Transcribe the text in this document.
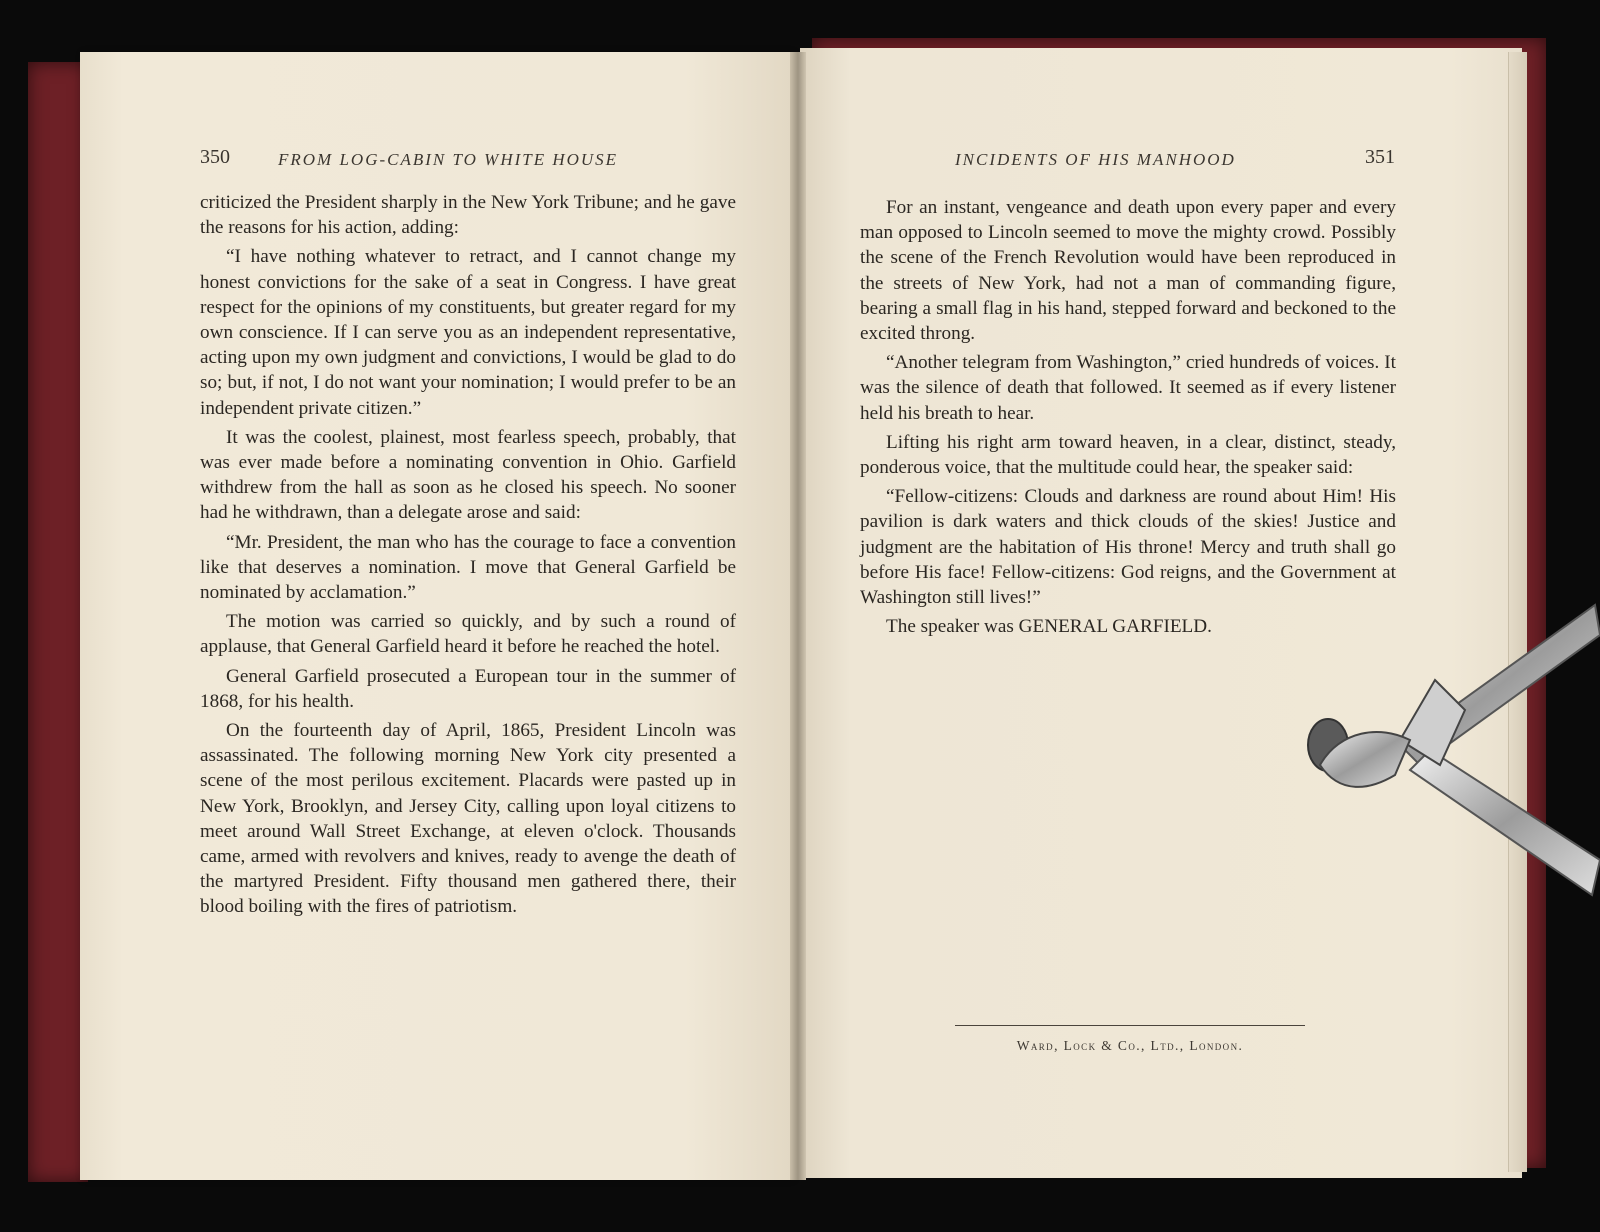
350	FROM LOG-CABIN TO WHITE HOUSE

criticized the President sharply in the New York Tribune; and he gave the reasons for his action, adding:

“I have nothing whatever to retract, and I cannot change my honest convictions for the sake of a seat in Congress. I have great respect for the opinions of my constituents, but greater regard for my own conscience. If I can serve you as an independent representative, acting upon my own judgment and convictions, I would be glad to do so; but, if not, I do not want your nomination; I would prefer to be an independent private citizen.”

It was the coolest, plainest, most fearless speech, probably, that was ever made before a nominating convention in Ohio. Garfield withdrew from the hall as soon as he closed his speech. No sooner had he withdrawn, than a delegate arose and said:

“Mr. President, the man who has the courage to face a convention like that deserves a nomination. I move that General Garfield be nominated by acclamation.”

The motion was carried so quickly, and by such a round of applause, that General Garfield heard it before he reached the hotel.

General Garfield prosecuted a European tour in the summer of 1868, for his health.

On the fourteenth day of April, 1865, President Lincoln was assassinated. The following morning New York city presented a scene of the most perilous excitement. Placards were pasted up in New York, Brooklyn, and Jersey City, calling upon loyal citizens to meet around Wall Street Exchange, at eleven o'clock. Thousands came, armed with revolvers and knives, ready to avenge the death of the martyred President. Fifty thousand men gathered there, their blood boiling with the fires of patriotism.

INCIDENTS OF HIS MANHOOD	351

For an instant, vengeance and death upon every paper and every man opposed to Lincoln seemed to move the mighty crowd. Possibly the scene of the French Revolution would have been reproduced in the streets of New York, had not a man of commanding figure, bearing a small flag in his hand, stepped forward and beckoned to the excited throng.

“Another telegram from Washington,” cried hundreds of voices. It was the silence of death that followed. It seemed as if every listener held his breath to hear.

Lifting his right arm toward heaven, in a clear, distinct, steady, ponderous voice, that the multitude could hear, the speaker said:

“Fellow-citizens: Clouds and darkness are round about Him! His pavilion is dark waters and thick clouds of the skies! Justice and judgment are the habitation of His throne! Mercy and truth shall go before His face! Fellow-citizens: God reigns, and the Government at Washington still lives!”

The speaker was GENERAL GARFIELD.

Ward, Lock & Co., Ltd., London.
